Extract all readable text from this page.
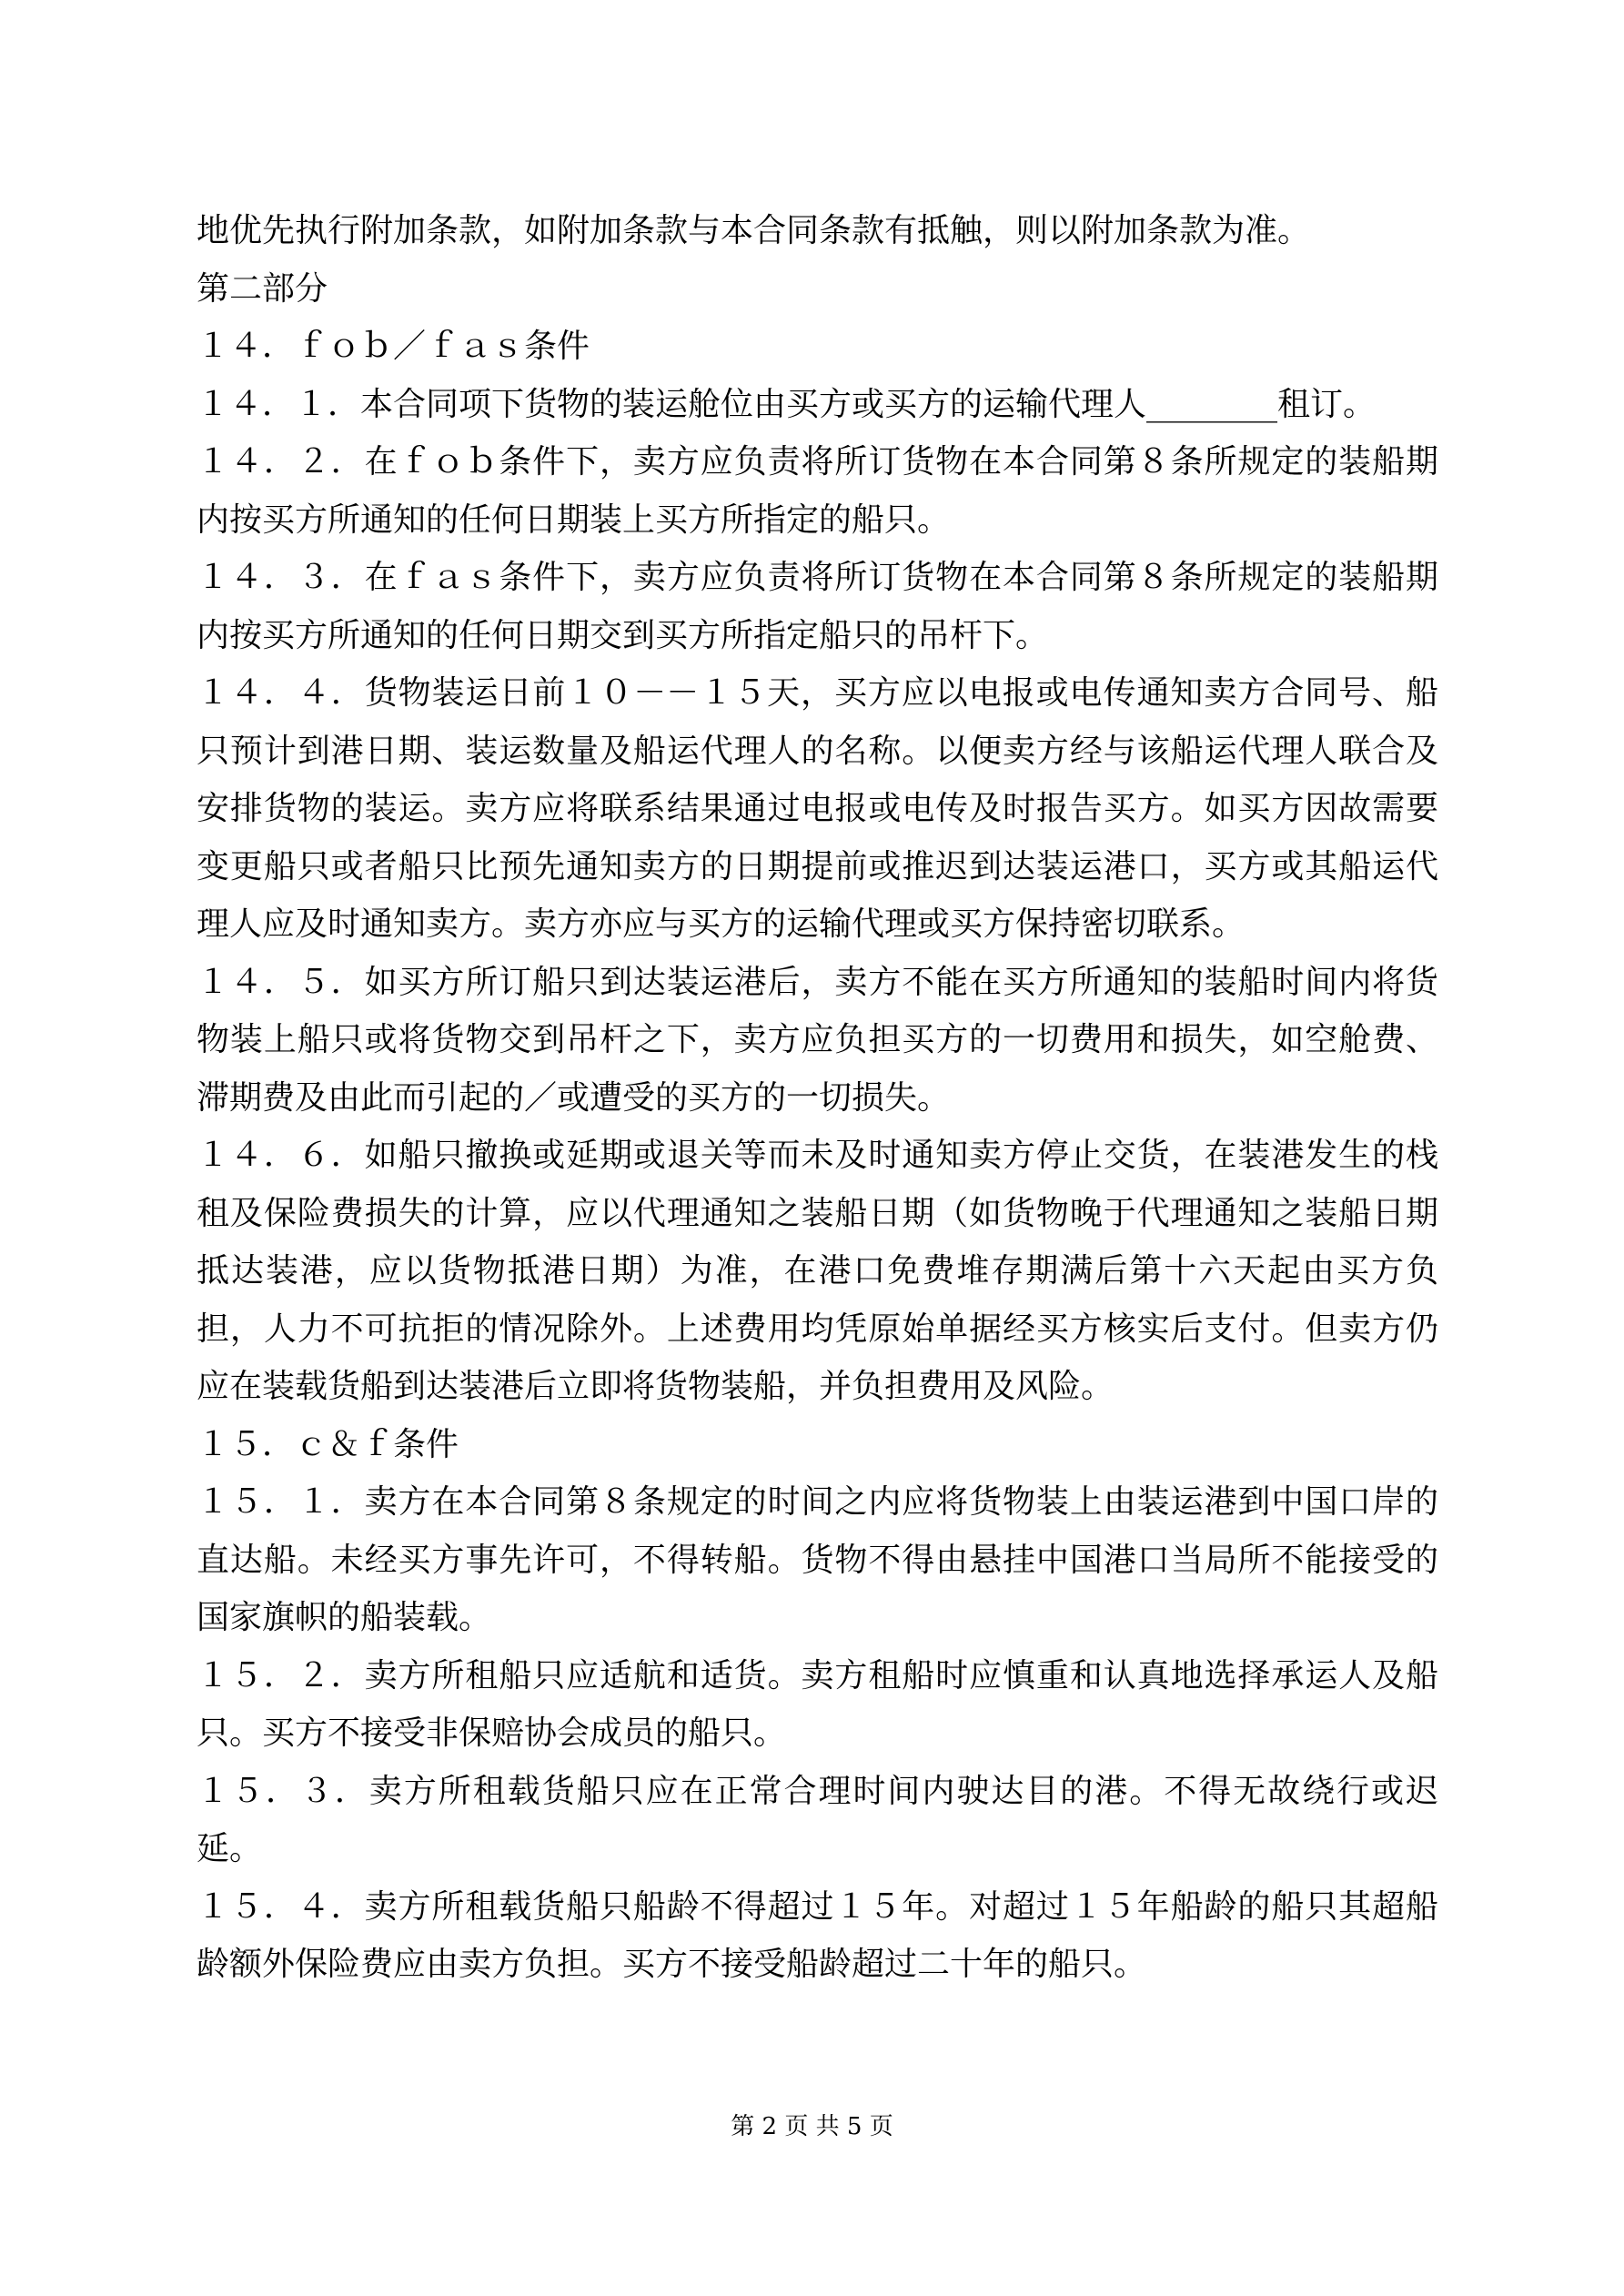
地优先执行附加条款，如附加条款与本合同条款有抵触，则以附加条款为准。

第二部分

１４．ｆｏｂ／ｆａｓ条件

１４．１．本合同项下货物的装运舱位由买方或买方的运输代理人________租订。

１４．２．在ｆｏｂ条件下，卖方应负责将所订货物在本合同第８条所规定的装船期内按买方所通知的任何日期装上买方所指定的船只。

１４．３．在ｆａｓ条件下，卖方应负责将所订货物在本合同第８条所规定的装船期内按买方所通知的任何日期交到买方所指定船只的吊杆下。

１４．４．货物装运日前１０－－１５天，买方应以电报或电传通知卖方合同号、船只预计到港日期、装运数量及船运代理人的名称。以便卖方经与该船运代理人联合及安排货物的装运。卖方应将联系结果通过电报或电传及时报告买方。如买方因故需要变更船只或者船只比预先通知卖方的日期提前或推迟到达装运港口，买方或其船运代理人应及时通知卖方。卖方亦应与买方的运输代理或买方保持密切联系。

１４．５．如买方所订船只到达装运港后，卖方不能在买方所通知的装船时间内将货物装上船只或将货物交到吊杆之下，卖方应负担买方的一切费用和损失，如空舱费、滞期费及由此而引起的／或遭受的买方的一切损失。

１４．６．如船只撤换或延期或退关等而未及时通知卖方停止交货，在装港发生的栈租及保险费损失的计算，应以代理通知之装船日期（如货物晚于代理通知之装船日期抵达装港，应以货物抵港日期）为准，在港口免费堆存期满后第十六天起由买方负担，人力不可抗拒的情况除外。上述费用均凭原始单据经买方核实后支付。但卖方仍应在装载货船到达装港后立即将货物装船，并负担费用及风险。

１５．ｃ＆ｆ条件

１５．１．卖方在本合同第８条规定的时间之内应将货物装上由装运港到中国口岸的直达船。未经买方事先许可，不得转船。货物不得由悬挂中国港口当局所不能接受的国家旗帜的船装载。

１５．２．卖方所租船只应适航和适货。卖方租船时应慎重和认真地选择承运人及船只。买方不接受非保赔协会成员的船只。

１５．３．卖方所租载货船只应在正常合理时间内驶达目的港。不得无故绕行或迟延。

１５．４．卖方所租载货船只船龄不得超过１５年。对超过１５年船龄的船只其超船龄额外保险费应由卖方负担。买方不接受船龄超过二十年的船只。

第 2 页 共 5 页
